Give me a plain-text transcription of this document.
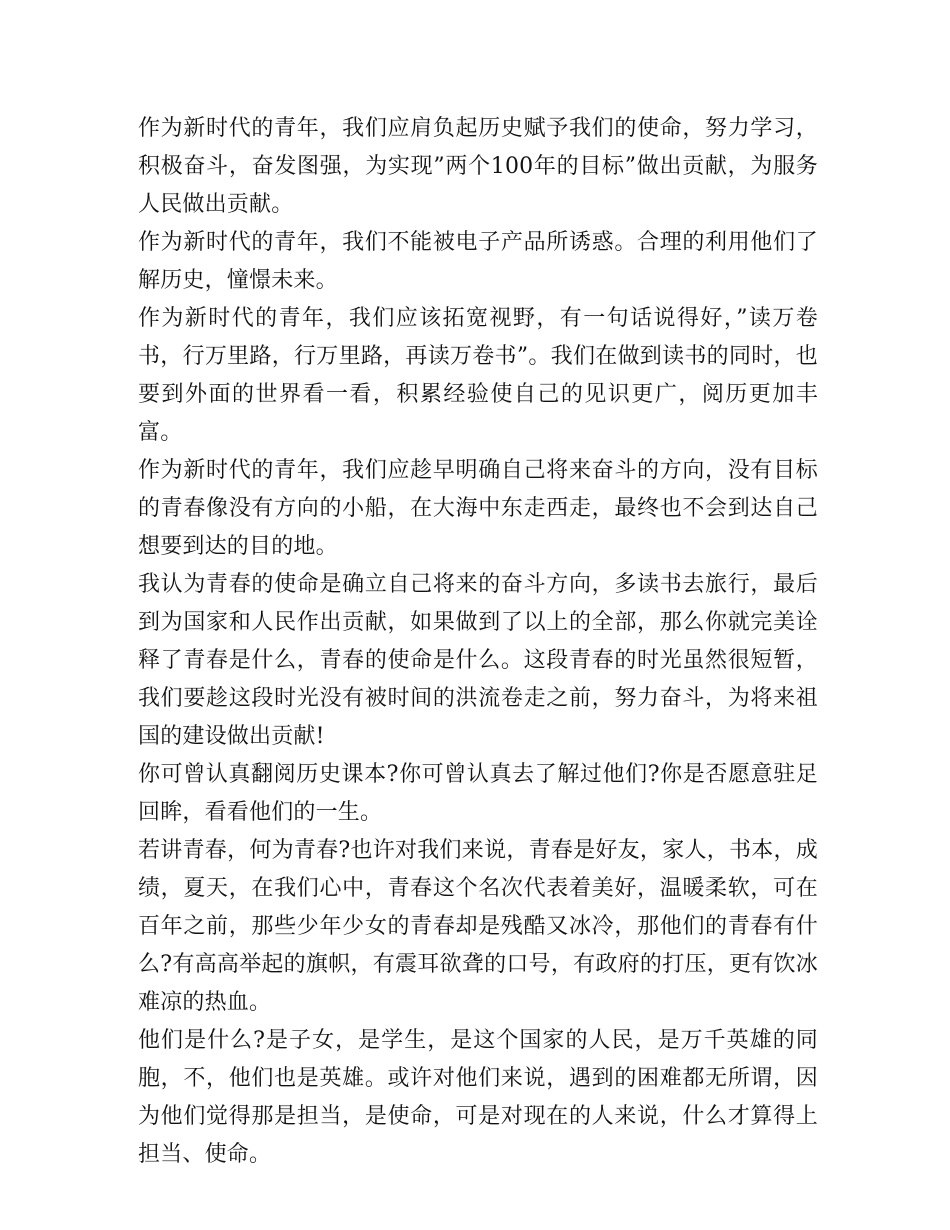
作为新时代的青年，我们应肩负起历史赋予我们的使命，努力学习，积极奋斗，奋发图强，为实现”两个100年的目标”做出贡献，为服务人民做出贡献。

作为新时代的青年，我们不能被电子产品所诱惑。合理的利用他们了解历史，憧憬未来。

作为新时代的青年，我们应该拓宽视野，有一句话说得好，”读万卷书，行万里路，行万里路，再读万卷书”。我们在做到读书的同时，也要到外面的世界看一看，积累经验使自己的见识更广，阅历更加丰富。

作为新时代的青年，我们应趁早明确自己将来奋斗的方向，没有目标的青春像没有方向的小船，在大海中东走西走，最终也不会到达自己想要到达的目的地。

我认为青春的使命是确立自己将来的奋斗方向，多读书去旅行，最后到为国家和人民作出贡献，如果做到了以上的全部，那么你就完美诠释了青春是什么，青春的使命是什么。这段青春的时光虽然很短暂，我们要趁这段时光没有被时间的洪流卷走之前，努力奋斗，为将来祖国的建设做出贡献!

你可曾认真翻阅历史课本?你可曾认真去了解过他们?你是否愿意驻足回眸，看看他们的一生。

若讲青春，何为青春?也许对我们来说，青春是好友，家人，书本，成绩，夏天，在我们心中，青春这个名次代表着美好，温暖柔软，可在百年之前，那些少年少女的青春却是残酷又冰冷，那他们的青春有什么?有高高举起的旗帜，有震耳欲聋的口号，有政府的打压，更有饮冰难凉的热血。

他们是什么?是子女，是学生，是这个国家的人民，是万千英雄的同胞，不，他们也是英雄。或许对他们来说，遇到的困难都无所谓，因为他们觉得那是担当，是使命，可是对现在的人来说，什么才算得上担当、使命。
